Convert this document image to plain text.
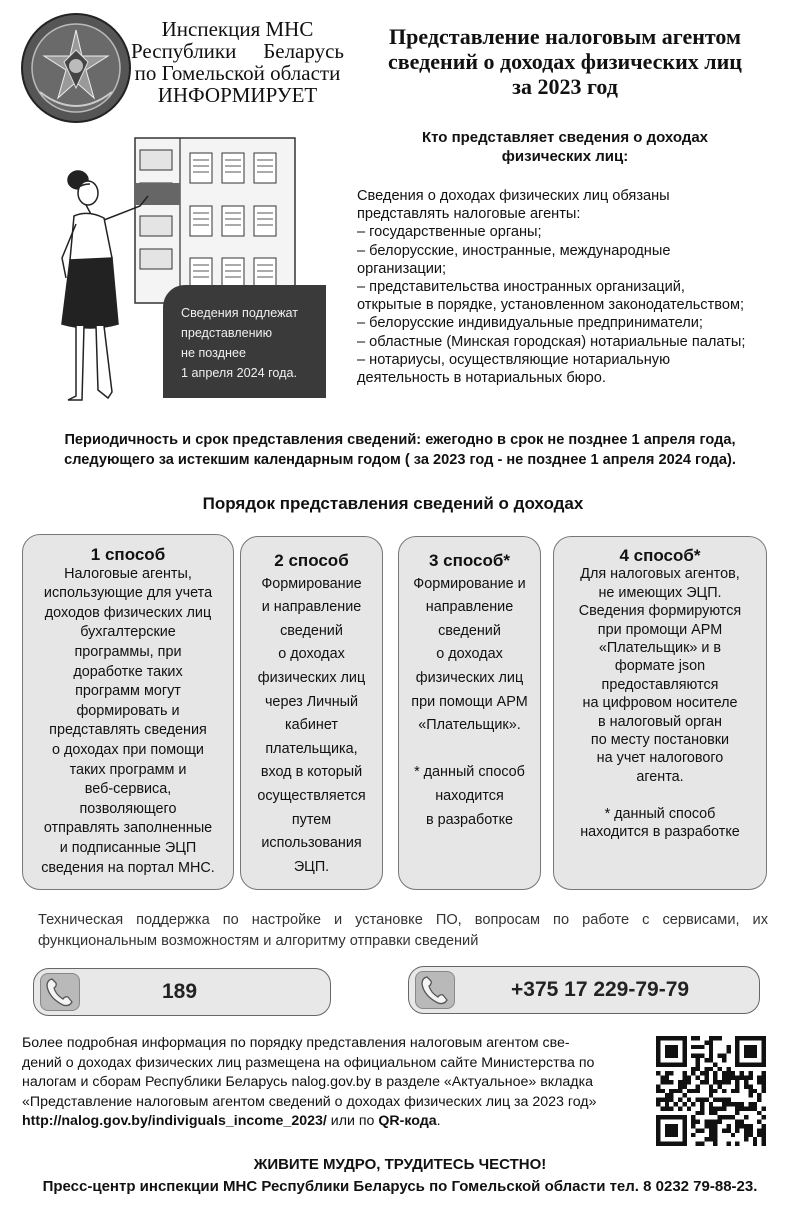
Инспекция МНС
Республики Беларусь
по Гомельской области
ИНФОРМИРУЕТ
Представление налоговым агентом
сведений о доходах физических лиц
за 2023 год
Сведения подлежат
представлению
не позднее
1 апреля 2024 года.
Кто представляет сведения о доходах
физических лиц:
Сведения о доходах физических лиц обязаны
представлять налоговые агенты:
– государственные органы;
– белорусские, иностранные, международные
организации;
– представительства иностранных организаций,
открытые в порядке, установленном законодательством;
– белорусские индивидуальные предприниматели;
– областные (Минская городская) нотариальные палаты;
– нотариусы, осуществляющие нотариальную
деятельность в нотариальных бюро.
Периодичность и срок представления сведений: ежегодно в срок не позднее 1 апреля года,
следующего за истекшим календарным годом ( за 2023 год - не позднее 1 апреля 2024 года).
Порядок представления сведений о доходах
1 способ
Налоговые агенты,
использующие для учета
доходов физических лиц
бухгалтерские
программы, при
доработке таких
программ могут
формировать и
представлять сведения
о доходах при помощи
таких программ и
веб-сервиса,
позволяющего
отправлять заполненные
и подписанные ЭЦП
сведения на портал МНС.
2 способ
Формирование
и направление
сведений
о доходах
физических лиц
через Личный
кабинет
плательщика,
вход в который
осуществляется
путем
использования
ЭЦП.
3 способ*
Формирование и
направление
сведений
о доходах
физических лиц
при помощи АРМ
«Плательщик».

* данный способ
находится
в разработке
4 способ*
Для налоговых агентов,
не имеющих ЭЦП.
Сведения формируются
при промощи АРМ
«Плательщик» и в
формате json
предоставляются
на цифровом носителе
в налоговый орган
по месту постановки
на учет налогового
агента.

* данный способ
находится в разработке
Техническая поддержка по настройке и установке ПО, вопросам по работе с сервисами, их функциональным возможностям и алгоритму отправки сведений
189	+375 17 229-79-79
Более подробная информация по порядку представления налоговым агентом све-
дений о доходах физических лиц размещена на официальном сайте Министерства по
налогам и сборам Республики Беларусь nalog.gov.by в разделе «Актуальное» вкладка
«Представление налоговым агентом сведений о доходах физических лиц за 2023 год»
http://nalog.gov.by/indiviguals_income_2023/ или по QR-кода.
ЖИВИТЕ МУДРО, ТРУДИТЕСЬ ЧЕСТНО!
Пресс-центр инспекции МНС Республики Беларусь по Гомельской области тел. 8 0232 79-88-23.
